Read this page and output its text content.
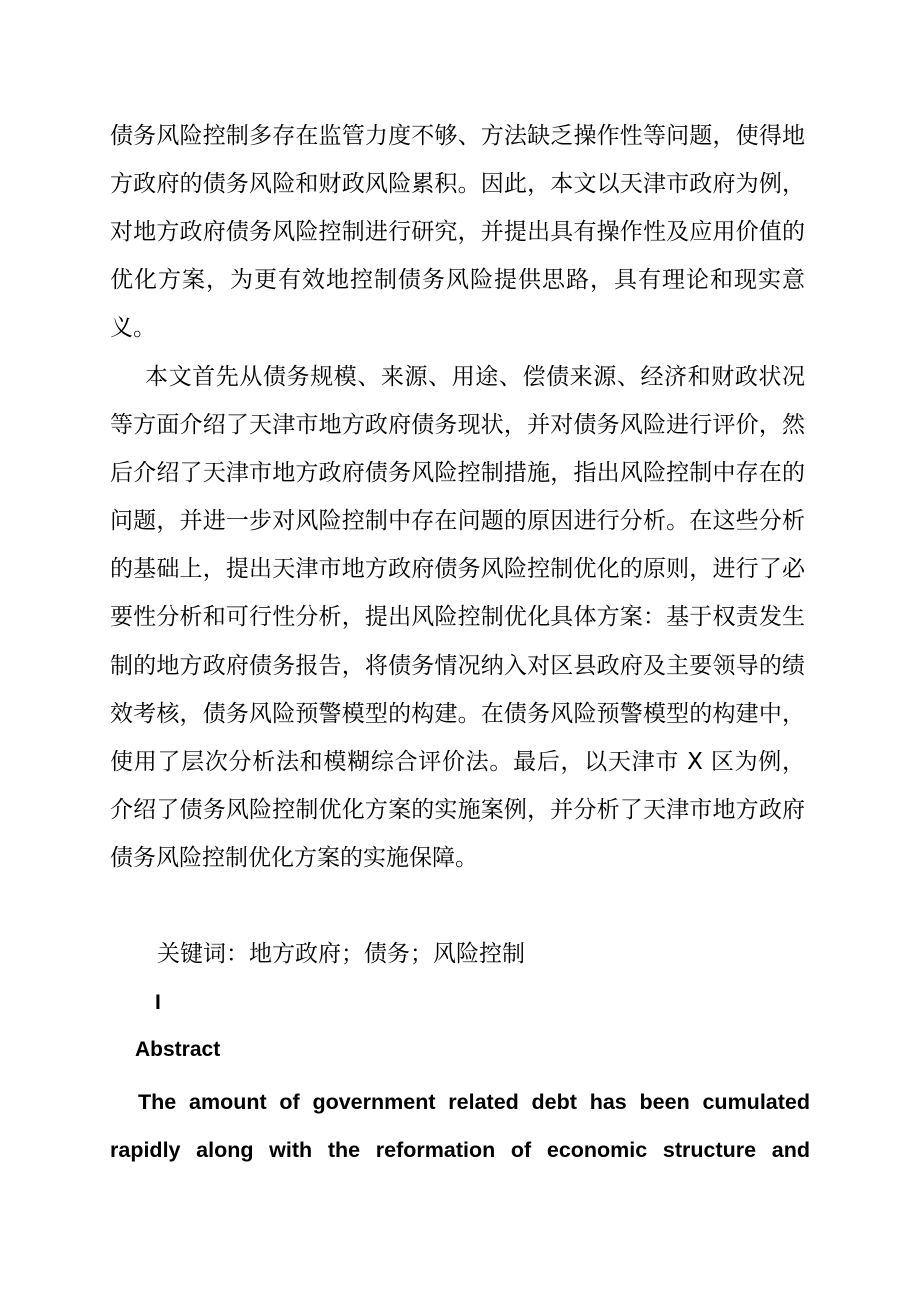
债务风险控制多存在监管力度不够、方法缺乏操作性等问题，使得地方政府的债务风险和财政风险累积。因此，本文以天津市政府为例，对地方政府债务风险控制进行研究，并提出具有操作性及应用价值的优化方案，为更有效地控制债务风险提供思路，具有理论和现实意义。

本文首先从债务规模、来源、用途、偿债来源、经济和财政状况等方面介绍了天津市地方政府债务现状，并对债务风险进行评价，然后介绍了天津市地方政府债务风险控制措施，指出风险控制中存在的问题，并进一步对风险控制中存在问题的原因进行分析。在这些分析的基础上，提出天津市地方政府债务风险控制优化的原则，进行了必要性分析和可行性分析，提出风险控制优化具体方案：基于权责发生制的地方政府债务报告，将债务情况纳入对区县政府及主要领导的绩效考核，债务风险预警模型的构建。在债务风险预警模型的构建中，使用了层次分析法和模糊综合评价法。最后，以天津市 X 区为例，介绍了债务风险控制优化方案的实施案例，并分析了天津市地方政府债务风险控制优化方案的实施保障。

关键词：地方政府；债务；风险控制

I

Abstract

The amount of government related debt has been cumulated rapidly along with the reformation of economic structure and
